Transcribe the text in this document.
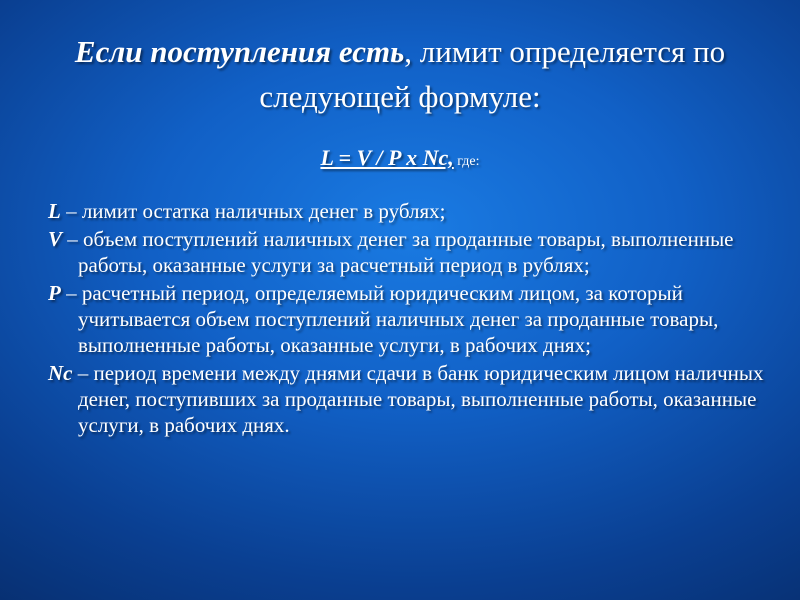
Если поступления есть, лимит определяется по следующей формуле:
L = V / P x Nc, где:
L – лимит остатка наличных денег в рублях;
V – объем поступлений наличных денег за проданные товары, выполненные работы, оказанные услуги за расчетный период в рублях;
P – расчетный период, определяемый юридическим лицом, за который учитывается объем поступлений наличных денег за проданные товары, выполненные работы, оказанные услуги, в рабочих днях;
Nc – период времени между днями сдачи в банк юридическим лицом наличных денег, поступивших за проданные товары, выполненные работы, оказанные услуги, в рабочих днях.
